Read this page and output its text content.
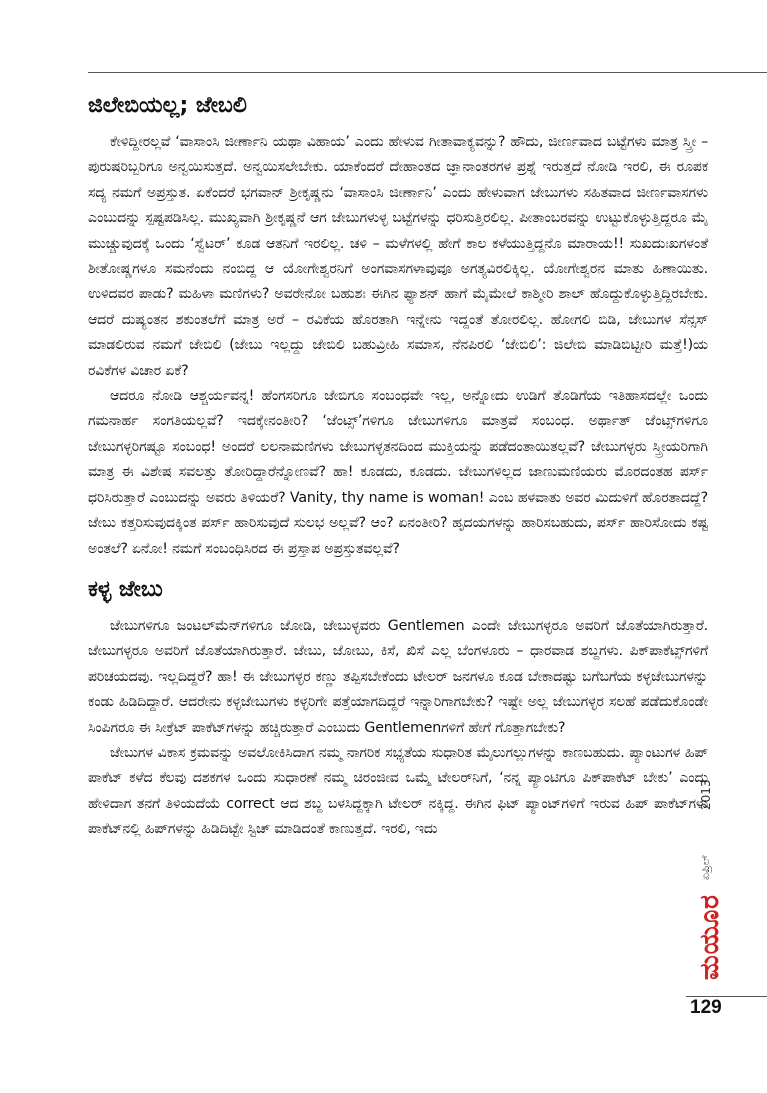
ಜಿಲೇಬಿಯಲ್ಲ; ಜೇಬಲಿ

ಕೇಳಿದ್ದೀರಲ್ಲವೆ ‘ವಾಸಾಂಸಿ ಜೀರ್ಣಾನಿ ಯಥಾ ವಿಹಾಯ’ ಎಂದು ಹೇಳುವ ಗೀತಾವಾಕ್ಯವನ್ನು? ಹೌದು, ಜೀರ್ಣವಾದ ಬಟ್ಟೆಗಳು ಮಾತ್ರ ಸ್ತ್ರೀ – ಪುರುಷರಿಬ್ಬರಿಗೂ ಅನ್ವಯಿಸುತ್ತದೆ. ಅನ್ವಯಿಸಲೇಬೇಕು. ಯಾಕೆಂದರೆ ದೇಹಾಂತದ ಜ್ಞಾನಾಂತರಗಳ ಪ್ರಶ್ನೆ ಇರುತ್ತದೆ ನೋಡಿ ಇರಲಿ, ಈ ರೂಪಕ ಸದ್ಯ ನಮಗೆ ಅಪ್ರಸ್ತುತ. ಏಕೆಂದರೆ ಭಗವಾನ್ ಶ್ರೀಕೃಷ್ಣನು ‘ವಾಸಾಂಸಿ ಜೀರ್ಣಾನಿ’ ಎಂದು ಹೇಳುವಾಗ ಜೇಬುಗಳು ಸಹಿತವಾದ ಜೀರ್ಣವಾಸಗಳು ಎಂಬುದನ್ನು ಸ್ಪಷ್ಟಪಡಿಸಿಲ್ಲ. ಮುಖ್ಯವಾಗಿ ಶ್ರೀಕೃಷ್ಣನೆ ಆಗ ಜೇಬುಗಳುಳ್ಳ ಬಟ್ಟೆಗಳನ್ನು ಧರಿಸುತ್ತಿರಲಿಲ್ಲ. ಪೀತಾಂಬರವನ್ನು ಉಟ್ಟುಕೊಳ್ಳುತ್ತಿದ್ದರೂ ಮೈ ಮುಚ್ಚುವುದಕ್ಕೆ ಒಂದು ‘ಸ್ವೆಟರ್’ ಕೂಡ ಆತನಿಗೆ ಇರಲಿಲ್ಲ. ಚಳಿ – ಮಳೆಗಳಲ್ಲಿ ಹೇಗೆ ಕಾಲ ಕಳೆಯುತ್ತಿದ್ದನೊ ಮಾರಾಯ!! ಸುಖದುಃಖಗಳಂತೆ ಶೀತೋಷ್ಣಗಳೂ ಸಮನೆಂದು ನಂಬಿದ್ದ ಆ ಯೋಗೇಶ್ವರನಿಗೆ ಅಂಗವಾಸಗಳಾವುವೂ ಅಗತ್ಯವಿರಲಿಕ್ಕಿಲ್ಲ. ಯೋಗೇಶ್ವರನ ಮಾತು ಹಿಣಾಯಿತು. ಉಳಿದವರ ಪಾಡು? ಮಹಿಳಾ ಮಣಿಗಳು? ಅವರೇನೋ ಬಹುಶಃ ಈಗಿನ ಫ್ಯಾಶನ್ ಹಾಗೆ ಮೈಮೇಲೆ ಕಾಶ್ಮೀರಿ ಶಾಲ್ ಹೊದ್ದುಕೊಳ್ಳುತ್ತಿದ್ದಿರಬೇಕು. ಆದರೆ ದುಷ್ಯಂತನ ಶಕುಂತಲೆಗೆ ಮಾತ್ರ ಅರೆ – ರವಿಕೆಯ ಹೊರತಾಗಿ ಇನ್ನೇನು ಇದ್ದಂತೆ ತೋರಲಿಲ್ಲ. ಹೋಗಲಿ ಬಿಡಿ, ಜೇಬುಗಳ ಸೆನ್ಸಸ್ ಮಾಡಲಿರುವ ನಮಗೆ ಜೇಬಿಲಿ (ಜೇಬು ಇಲ್ಲದ್ದು ಜೇಬಿಲಿ ಬಹುವ್ರೀಹಿ ಸಮಾಸ, ನೆನಪಿರಲಿ ‘ಜೇಬಿಲಿ’: ಜಿಲೇಬಿ ಮಾಡಿಬಿಟ್ಟೀರಿ ಮತ್ತೆ!)ಯ ರವಿಕೆಗಳ ವಿಚಾರ ಏಕೆ?

ಆದರೂ ನೋಡಿ ಆಶ್ಚರ್ಯವನ್ನ! ಹೆಂಗಸರಿಗೂ ಜೇಬಿಗೂ ಸಂಬಂಧವೇ ಇಲ್ಲ, ಅನ್ನೋದು ಉಡಿಗೆ ತೊಡಿಗೆಯ ಇತಿಹಾಸದಲ್ಲೇ ಒಂದು ಗಮನಾರ್ಹ ಸಂಗತಿಯಲ್ಲವೆ? ಇದಕ್ಕೇನಂತೀರಿ? ‘ಜೆಂಟ್ಸ್’ಗಳಿಗೂ ಜೇಬುಗಳಿಗೂ ಮಾತ್ರವೆ ಸಂಬಂಧ. ಅರ್ಥಾತ್ ಜೆಂಟ್ಸ್‌ಗಳಿಗೂ ಜೇಬುಗಳ್ಳರಿಗಷ್ಟೂ ಸಂಬಂಧ! ಅಂದರೆ ಲಲನಾಮಣಿಗಳು ಜೇಬುಗಳ್ಳತನದಿಂದ ಮುಕ್ತಿಯನ್ನು ಪಡೆದಂತಾಯಿತಲ್ಲವೆ? ಜೇಬುಗಳ್ಳರು ಸ್ತ್ರೀಯರಿಗಾಗಿ ಮಾತ್ರ ಈ ವಿಶೇಷ ಸವಲತ್ತು ತೋರಿದ್ದಾರೆನ್ನೋಣವೆ? ಹಾ! ಕೂಡದು, ಕೂಡದು. ಜೇಬುಗಳಿಲ್ಲದ ಜಾಣುಮಣಿಯರು ಮೊರದಂತಹ ಪರ್ಸ್ ಧರಿಸಿರುತ್ತಾರೆ ಎಂಬುದನ್ನು ಅವರು ತಿಳಿಯರೆ? Vanity, thy name is woman! ಎಂಬ ಹಳವಾತು ಅವರ ಮಿದುಳಿಗೆ ಹೊರತಾದದ್ದೆ? ಜೇಬು ಕತ್ತರಿಸುವುದಕ್ಕಿಂತ ಪರ್ಸ್ ಹಾರಿಸುವುದೆ ಸುಲಭ ಅಲ್ಲವೆ? ಆಂ? ಏನಂತೀರಿ? ಹೃದಯಗಳನ್ನು ಹಾರಿಸಬಹುದು, ಪರ್ಸ್ ಹಾರಿಸೋದು ಕಷ್ಟ ಅಂತಲೆ? ಏನೋ! ನಮಗೆ ಸಂಬಂಧಿಸಿರದ ಈ ಪ್ರಸ್ತಾಪ ಅಪ್ರಸ್ತುತವಲ್ಲವೆ?

ಕಳ್ಳ ಜೇಬು

ಜೇಬುಗಳಿಗೂ ಜಂಟಲ್‌ಮೆನ್‌ಗಳಿಗೂ ಜೋಡಿ, ಜೇಬುಳ್ಳವರು Gentlemen ಎಂದೇ ಜೇಬುಗಳ್ಳರೂ ಅವರಿಗೆ ಜೊತೆಯಾಗಿರುತ್ತಾರೆ. ಜೇಬುಗಳ್ಳರೂ ಅವರಿಗೆ ಜೊತೆಯಾಗಿರುತ್ತಾರೆ. ಜೇಬು, ಜೋಬು, ಕಿಸೆ, ಖಿಸೆ ಎಲ್ಲ ಬೆಂಗಳೂರು – ಧಾರವಾಡ ಶಬ್ದಗಳು. ಪಿಕ್‌ಪಾಕೆಟ್ಸ್‌ಗಳಿಗೆ ಪರಿಚಯದವು. ಇಲ್ಲದಿದ್ದರೆ? ಹಾ! ಈ ಜೇಬುಗಳ್ಳರ ಕಣ್ಣು ತಪ್ಪಿಸಬೇಕೆಂದು ಟೇಲರ್ ಜನಗಳೂ ಕೂಡ ಬೇಕಾದಷ್ಟು ಬಗೆಬಗೆಯ ಕಳ್ಳಜೇಬುಗಳನ್ನು ಕಂಡು ಹಿಡಿದಿದ್ದಾರೆ. ಆದರೇನು ಕಳ್ಳಜೇಬುಗಳು ಕಳ್ಳರಿಗೇ ಪತ್ತೆಯಾಗದಿದ್ದರೆ ಇನ್ನಾರಿಗಾಗಬೇಕು? ಇಷ್ಟೇ ಅಲ್ಲ ಜೇಬುಗಳ್ಳರ ಸಲಹೆ ಪಡೆದುಕೊಂಡೇ ಸಿಂಪಿಗರೂ ಈ ಸೀಕ್ರೆಟ್ ಪಾಕೆಟ್‌ಗಳನ್ನು ಹಚ್ಚಿರುತ್ತಾರೆ ಎಂಬುದು Gentlemenಗಳಿಗೆ ಹೇಗೆ ಗೊತ್ತಾಗಬೇಕು?

ಜೇಬುಗಳ ವಿಕಾಸ ಕ್ರಮವನ್ನು ಅವಲೋಕಿಸಿದಾಗ ನಮ್ಮ ನಾಗರಿಕ ಸಭ್ಯತೆಯ ಸುಧಾರಿತ ಮೈಲುಗಲ್ಲುಗಳನ್ನು ಕಾಣಬಹುದು. ಪ್ಯಾಂಟುಗಳ ಹಿಪ್ ಪಾಕೆಟ್ ಕಳೆದ ಕೆಲವು ದಶಕಗಳ ಒಂದು ಸುಧಾರಣೆ ನಮ್ಮ ಚಿರಂಜೀವ ಒಮ್ಮೆ ಟೇಲರ್‌ನಿಗೆ, ‘ನನ್ನ ಪ್ಯಾಂಟಿಗೂ ಪಿಕ್‌ಪಾಕೆಟ್ ಬೇಕು’ ಎಂದು ಹೇಳಿದಾಗ ತನಗೆ ತಿಳಿಯದೆಯೆ correct ಆದ ಶಬ್ದ ಬಳಸಿದ್ದಕ್ಕಾಗಿ ಟೇಲರ್ ನಕ್ಕಿದ್ದ. ಈಗಿನ ಫಿಟ್ ಪ್ಯಾಂಟ್‌ಗಳಿಗೆ ಇರುವ ಹಿಪ್ ಪಾಕೆಟ್‌ಗಳು ಪಾಕೆಟ್‌ನಲ್ಲಿ ಹಿಪ್‌ಗಳನ್ನು ಹಿಡಿದಿಟ್ಟೇ ಸ್ಟಿಚ್ ಮಾಡಿದಂತೆ ಕಾಣುತ್ತದೆ. ಇರಲಿ, ಇದು

2013
ಏಪ್ರಿಲ್
ಮಯೂರ
129
